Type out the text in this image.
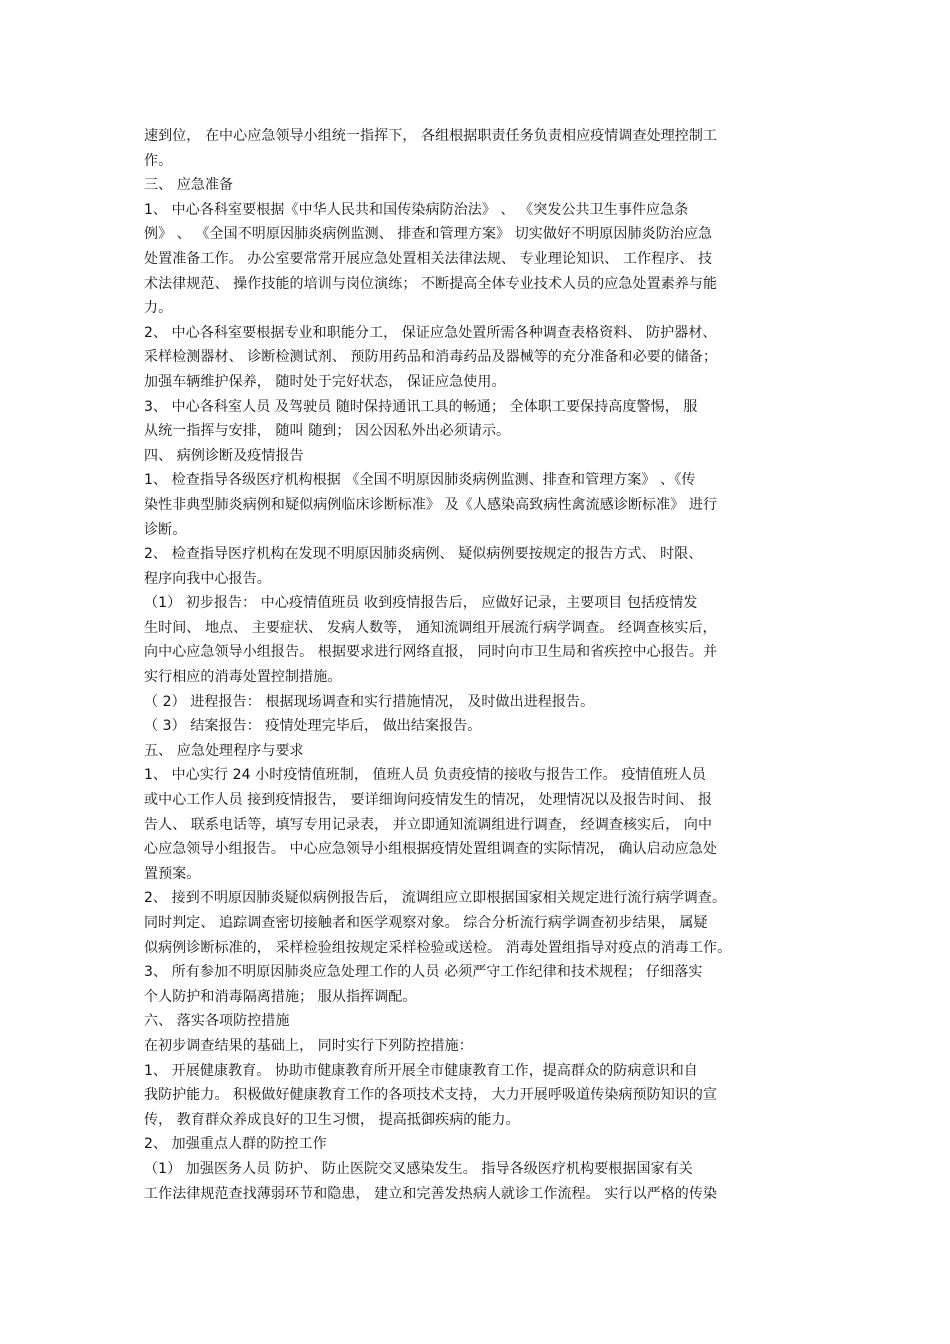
速到位， 在中心应急领导小组统一指挥下， 各组根据职责任务负责相应疫情调查处理控制工
作。
三、 应急准备
1、 中心各科室要根据《中华人民共和国传染病防治法》 、 《突发公共卫生事件应急条
例》 、 《全国不明原因肺炎病例监测、 排查和管理方案》 切实做好不明原因肺炎防治应急
处置准备工作。 办公室要常常开展应急处置相关法律法规、 专业理论知识、 工作程序、 技
术法律规范、 操作技能的培训与岗位演练； 不断提高全体专业技术人员的应急处置素养与能
力。
2、 中心各科室要根据专业和职能分工， 保证应急处置所需各种调查表格资料、 防护器材、
采样检测器材、 诊断检测试剂、 预防用药品和消毒药品及器械等的充分准备和必要的储备；
加强车辆维护保养， 随时处于完好状态， 保证应急使用。
3、 中心各科室人员 及驾驶员 随时保持通讯工具的畅通； 全体职工要保持高度警惕， 服
从统一指挥与安排， 随叫 随到； 因公因私外出必须请示。
四、 病例诊断及疫情报告
1、 检查指导各级医疗机构根据 《全国不明原因肺炎病例监测、排查和管理方案》 、《传
染性非典型肺炎病例和疑似病例临床诊断标准》 及《人感染高致病性禽流感诊断标准》 进行
诊断。
2、 检查指导医疗机构在发现不明原因肺炎病例、 疑似病例要按规定的报告方式、 时限、
程序向我中心报告。
（1） 初步报告： 中心疫情值班员 收到疫情报告后， 应做好记录，主要项目 包括疫情发
生时间、 地点、 主要症状、 发病人数等， 通知流调组开展流行病学调查。 经调查核实后，
向中心应急领导小组报告。 根据要求进行网络直报， 同时向市卫生局和省疾控中心报告。并
实行相应的消毒处置控制措施。
（ 2） 进程报告： 根据现场调查和实行措施情况， 及时做出进程报告。
（ 3） 结案报告： 疫情处理完毕后， 做出结案报告。
五、 应急处理程序与要求
1、 中心实行 24 小时疫情值班制， 值班人员 负责疫情的接收与报告工作。 疫情值班人员
或中心工作人员 接到疫情报告， 要详细询问疫情发生的情况， 处理情况以及报告时间、 报
告人、 联系电话等，填写专用记录表， 并立即通知流调组进行调查， 经调查核实后， 向中
心应急领导小组报告。 中心应急领导小组根据疫情处置组调查的实际情况， 确认启动应急处
置预案。
2、 接到不明原因肺炎疑似病例报告后， 流调组应立即根据国家相关规定进行流行病学调查。
同时判定、 追踪调查密切接触者和医学观察对象。 综合分析流行病学调查初步结果， 属疑
似病例诊断标准的， 采样检验组按规定采样检验或送检。 消毒处置组指导对疫点的消毒工作。
3、 所有参加不明原因肺炎应急处理工作的人员 必须严守工作纪律和技术规程； 仔细落实
个人防护和消毒隔离措施； 服从指挥调配。
六、 落实各项防控措施
在初步调查结果的基础上， 同时实行下列防控措施：
1、 开展健康教育。 协助市健康教育所开展全市健康教育工作，提高群众的防病意识和自
我防护能力。 积极做好健康教育工作的各项技术支持， 大力开展呼吸道传染病预防知识的宣
传， 教育群众养成良好的卫生习惯， 提高抵御疾病的能力。
2、 加强重点人群的防控工作
（1） 加强医务人员 防护、 防止医院交叉感染发生。 指导各级医疗机构要根据国家有关
工作法律规范查找薄弱环节和隐患， 建立和完善发热病人就诊工作流程。 实行以严格的传染
